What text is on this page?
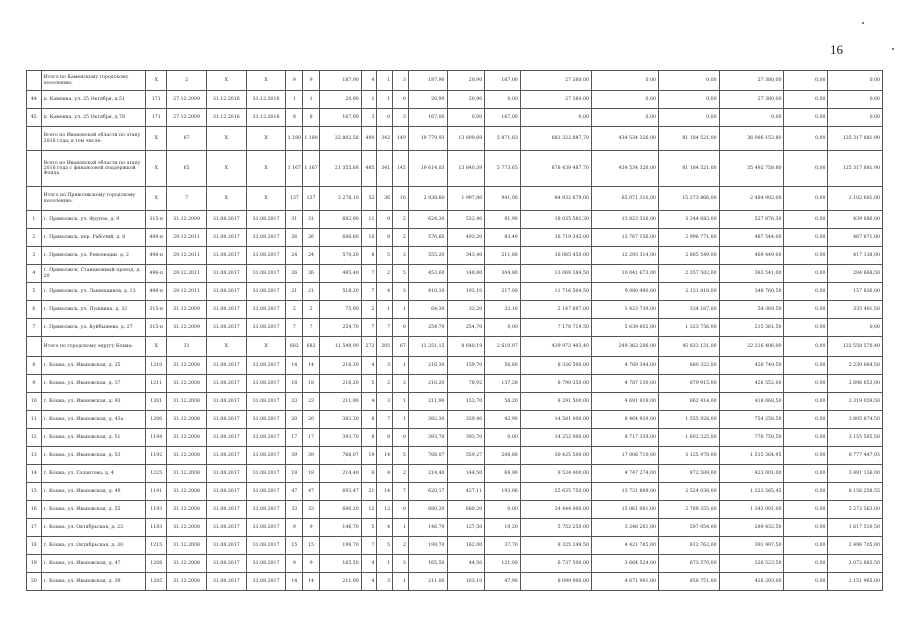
16
	Итого по Каменскому городскому поселению:	X	2	X	X	9	9	187,90	4	1	3	187,90	20,90	167,00	27 380,00	0,00	0,00	27 380,00	0,00	0,00
44	п. Каменка, ул. 25 Октября, д.51	171	27.12.2009	31.12.2016	31.12.2016	1	1	20,90	1	1	0	20,90	20,90	0,00	27 380,00	0,00	0,00	27 380,00	0,00	0,00
45	п. Каменка, ул. 25 Октября, д.78	171	27.12.2009	31.12.2016	31.12.2016	8	8	167,00	3	0	3	167,00	0,00	167,00	0,00	0,00	0,00	0,00	0,00	0,00
	Всего по Ивановской области по этапу 2016 года, в том числе:	X	67	X	X	1 180	1 180	22 802,58	490	342	149	19 779,93	13 899,69	5 871,83	681 322 887,70	434 534 326,00	81 184 521,00	36 086 153,80	0,00	125 317 881,90
	Всего по Ивановской области по этапу 2016 года с финансовой поддержкой Фонда	X	65	X	X	1 167	1 167	21 355,68	485	341	145	19 614,03	13 840,39	5 773,65	678 439 487,70	434 534 326,00	81 184 521,00	35 492 758,80	0,00	125 317 881,90
	Итого по Приволжскому городскому поселению:	X	7	X	X	137	137	3 278,10	52	36	16	2 938,80	1 997,80	941,00	84 932 679,00	65 071 310,00	15 273 866,00	2 484 902,00	0,00	2 102 601,00
1	г. Приволжск, ул. Фрунзе, д. 9	315-п	31.12.2009	31.08.2017	31.08.2017	31	31	682,90	11	9	2	624,30	532,40	91,90	18 035 581,30	13 823 336,00	3 244 683,00	527 876,30	0,00	439 686,00
2	г. Приволжск, пер. Рабочий, д. 8	496-п	29.12.2011	31.08.2017	31.08.2017	26	26	686,80	10	8	2	576,60	493,20	83,40	16 719 342,00	12 767 156,00	2 996 771,00	487 544,00	0,00	467 871,00
3	г. Приволжск, ул. Революции, д. 2	496-п	29.12.2011	31.08.2017	31.08.2017	24	24	570,20	8	5	3	555,20	343,40	211,80	16 065 450,00	12 293 314,00	2 885 549,00	469 449,00	0,00	417 138,00
4	г. Приволжск, Станционный проезд, д. 20	496-п	29.12.2011	31.08.2017	31.08.2017	26	26	495,40	7	2	5	453,60	148,80	304,80	13 069 384,50	10 041 673,00	2 357 502,00	383 541,00	0,00	284 668,50
5	г. Приволжск, ул. Льнянщиков, д. 13	496-п	29.12.2011	31.08.2017	31.08.2017	21	21	518,20	7	4	3	410,10	193,10	217,00	11 716 504,50	9 080 490,00	2 131 818,00	346 760,50	0,00	157 836,00
6	г. Приволжск, ул. Пушкина, д. 32	315-п	31.12.2009	31.08.2017	31.08.2017	2	2	75,90	2	1	1	64,30	32,20	32,10	2 147 697,00	1 423 739,00	334 187,00	54 369,50	0,00	335 401,50
7	г. Приволжск, ул. Куйбышева, д. 27	315-п	31.12.2009	31.08.2017	31.08.2017	7	7	254,70	7	7	0	254,70	254,70	0,00	7 178 719,50	5 639 602,00	1 323 756,00	215 361,50	0,00	0,00
	Итого по городскому округу Кохма:	X	31	X	X	682	682	11 549,90	272	205	67	11 251,15	8 640,19	2 610,97	439 972 403,40	249 362 296,00	45 833 131,00	22 216 406,00	0,00	122 558 570,40
8	г. Кохма, ул. Ивановская, д. 35	1210	31.12.2008	31.08.2017	31.08.2017	14	14	216,30	4	3	1	216,30	159,70	56,60	8 326 500,00	4 769 344,00	880 322,00	426 749,50	0,00	2 230 064,50
9	г. Кохма, ул. Ивановская, д. 37	1211	31.12.2008	31.08.2017	31.08.2017	18	18	216,20	5	2	3	216,20	78,92	137,28	8 790 250,00	4 787 130,00	879 915,00	426 552,00	0,00	2 696 653,00
10	г. Кохма, ул. Ивановская, д. 43	1201	31.12.2008	31.08.2017	31.08.2017	23	23	211,90	4	3	1	211,90	153,70	58,20	8 291 500,00	4 691 919,00	862 414,00	418 068,50	0,00	2 319 059,50
11	г. Кохма, ул. Ивановская, д. 43а	1200	31.12.2008	31.08.2017	31.08.2017	20	20	382,30	8	7	1	382,30	339,40	42,90	14 581 000,00	8 464 939,00	1 555 928,00	754 258,50	0,00	3 805 874,50
12	г. Кохма, ул. Ивановская, д. 51	1194	31.12.2008	31.08.2017	31.08.2017	17	17	393,70	8	8	0	393,70	393,70	0,00	14 252 000,00	8 717 359,00	1 602 325,00	776 750,50	0,00	3 155 565,50
13	г. Кохма, ул. Ивановская, д. 53	1192	31.12.2008	31.08.2017	31.08.2017	39	39	768,07	19	14	5	768,07	559,27	208,80	30 425 500,00	17 006 710,00	3 125 978,00	1 515 364,95	0,00	8 777 447,05
14	г. Кохма, ул. Талантова, д. 4	1225	31.12.2008	31.08.2017	31.08.2017	18	18	214,40	6	4	2	214,40	144,50	69,90	9 534 000,00	4 747 274,00	872 589,00	423 001,00	0,00	3 491 136,00
15	г. Кохма, ул. Ивановская, д. 49	1191	31.12.2008	31.08.2017	31.08.2017	47	47	693,47	21	14	7	620,17	427,11	193,06	25 635 750,00	13 731 889,00	2 524 038,00	1 223 565,45	0,00	8 156 258,55
16	г. Кохма, ул. Ивановская, д. 55	1193	31.12.2008	31.08.2017	31.08.2017	33	33	680,20	12	12	0	680,20	680,20	0,00	24 444 000,00	15 061 081,00	2 768 355,00	1 342 001,00	0,00	5 272 563,00
17	г. Кохма, ул. Октябрьская, д. 23	1183	31.12.2008	31.08.2017	31.08.2017	9	9	146,70	5	4	1	146,70	127,50	19,20	5 752 250,00	3 248 261,00	597 054,00	289 432,50	0,00	1 617 510,50
18	г. Кохма, ул. Октябрьская, д. 30	1215	31.12.2008	31.08.2017	31.08.2017	15	15	199,70	7	5	2	199,70	162,00	37,70	8 325 249,50	4 421 785,00	812 762,00	391 997,50	0,00	2 496 705,00
19	г. Кохма, ул. Ивановская, д. 47	1208	31.12.2008	31.08.2017	31.08.2017	9	9	165,50	4	1	3	165,50	44,50	121,00	6 737 500,00	3 664 524,00	673 570,00	326 523,50	0,00	2 072 882,50
20	г. Кохма, ул. Ивановская, д. 39	1205	31.12.2008	31.08.2017	31.08.2017	14	14	211,00	4	3	1	211,00	163,10	47,90	8 099 000,00	4 671 991,00	858 751,00	416 293,00	0,00	2 151 965,00
